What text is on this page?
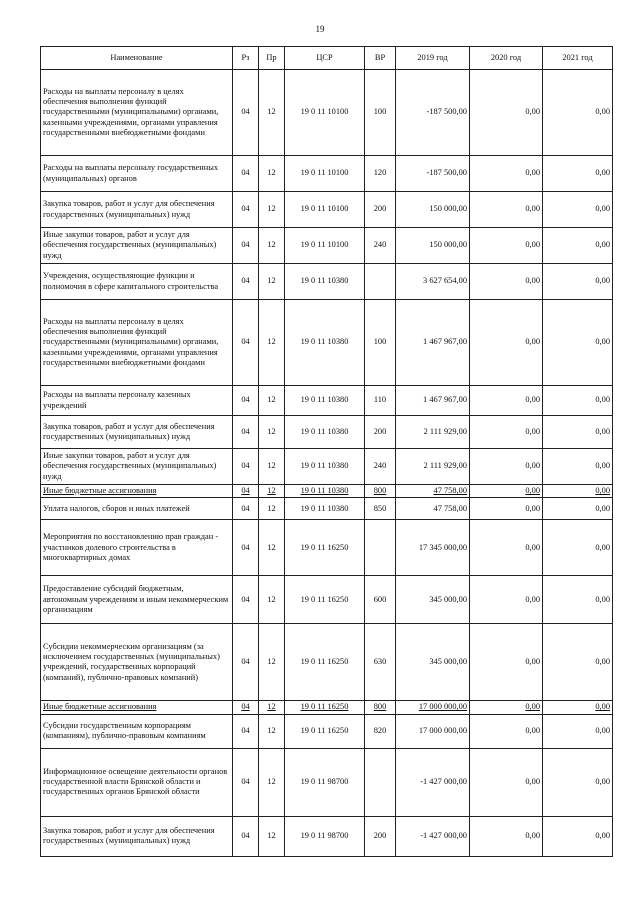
19
Наименование	Рз	Пр	ЦСР	ВР	2019 год	2020 год	2021 год
Расходы на выплаты персоналу в целях обеспечения выполнения функций государственными (муниципальными) органами, казенными учреждениями, органами управления государственными внебюджетными фондами	04	12	19 0 11 10100	100	-187 500,00	0,00	0,00
Расходы на выплаты персоналу государственных (муниципальных) органов	04	12	19 0 11 10100	120	-187 500,00	0,00	0,00
Закупка товаров, работ и услуг для обеспечения государственных (муниципальных) нужд	04	12	19 0 11 10100	200	150 000,00	0,00	0,00
Иные закупки товаров, работ и услуг для обеспечения государственных (муниципальных) нужд	04	12	19 0 11 10100	240	150 000,00	0,00	0,00
Учреждения, осуществляющие функции и полномочия в сфере капитального строительства	04	12	19 0 11 10380		3 627 654,00	0,00	0,00
Расходы на выплаты персоналу в целях обеспечения выполнения функций государственными (муниципальными) органами, казенными учреждениями, органами управления государственными внебюджетными фондами	04	12	19 0 11 10380	100	1 467 967,00	0,00	0,00
Расходы на выплаты персоналу казенных учреждений	04	12	19 0 11 10380	110	1 467 967,00	0,00	0,00
Закупка товаров, работ и услуг для обеспечения государственных (муниципальных) нужд	04	12	19 0 11 10380	200	2 111 929,00	0,00	0,00
Иные закупки товаров, работ и услуг для обеспечения государственных (муниципальных) нужд	04	12	19 0 11 10380	240	2 111 929,00	0,00	0,00
Иные бюджетные ассигнования	04	12	19 0 11 10380	800	47 758,00	0,00	0,00
Уплата налогов, сборов и иных платежей	04	12	19 0 11 10380	850	47 758,00	0,00	0,00
Мероприятия по восстановлению прав граждан - участников долевого строительства в многоквартирных домах	04	12	19 0 11 16250		17 345 000,00	0,00	0,00
Предоставление субсидий бюджетным, автономным учреждениям и иным некоммерческим организациям	04	12	19 0 11 16250	600	345 000,00	0,00	0,00
Субсидии некоммерческим организациям (за исключением государственных (муниципальных) учреждений, государственных корпораций (компаний), публично-правовых компаний)	04	12	19 0 11 16250	630	345 000,00	0,00	0,00
Иные бюджетные ассигнования	04	12	19 0 11 16250	800	17 000 000,00	0,00	0,00
Субсидии государственным корпорациям (компаниям), публично-правовым компаниям	04	12	19 0 11 16250	820	17 000 000,00	0,00	0,00
Информационное освещение деятельности органов государственной власти Брянской области и государственных органов Брянской области	04	12	19 0 11 98700		-1 427 000,00	0,00	0,00
Закупка товаров, работ и услуг для обеспечения государственных (муниципальных) нужд	04	12	19 0 11 98700	200	-1 427 000,00	0,00	0,00
